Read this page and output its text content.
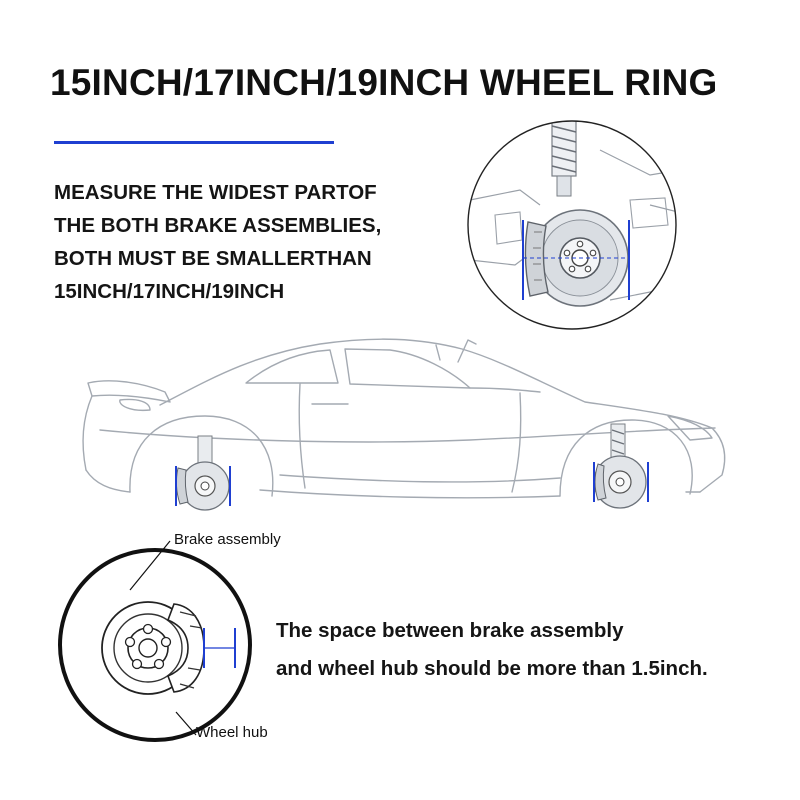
15INCH/17INCH/19INCH WHEEL RING
MEASURE THE WIDEST PARTOF
THE BOTH BRAKE ASSEMBLIES,
BOTH MUST BE SMALLERTHAN
15INCH/17INCH/19INCH
Brake assembly
Wheel hub
The space between brake assembly
and wheel hub should be more than 1.5inch.
